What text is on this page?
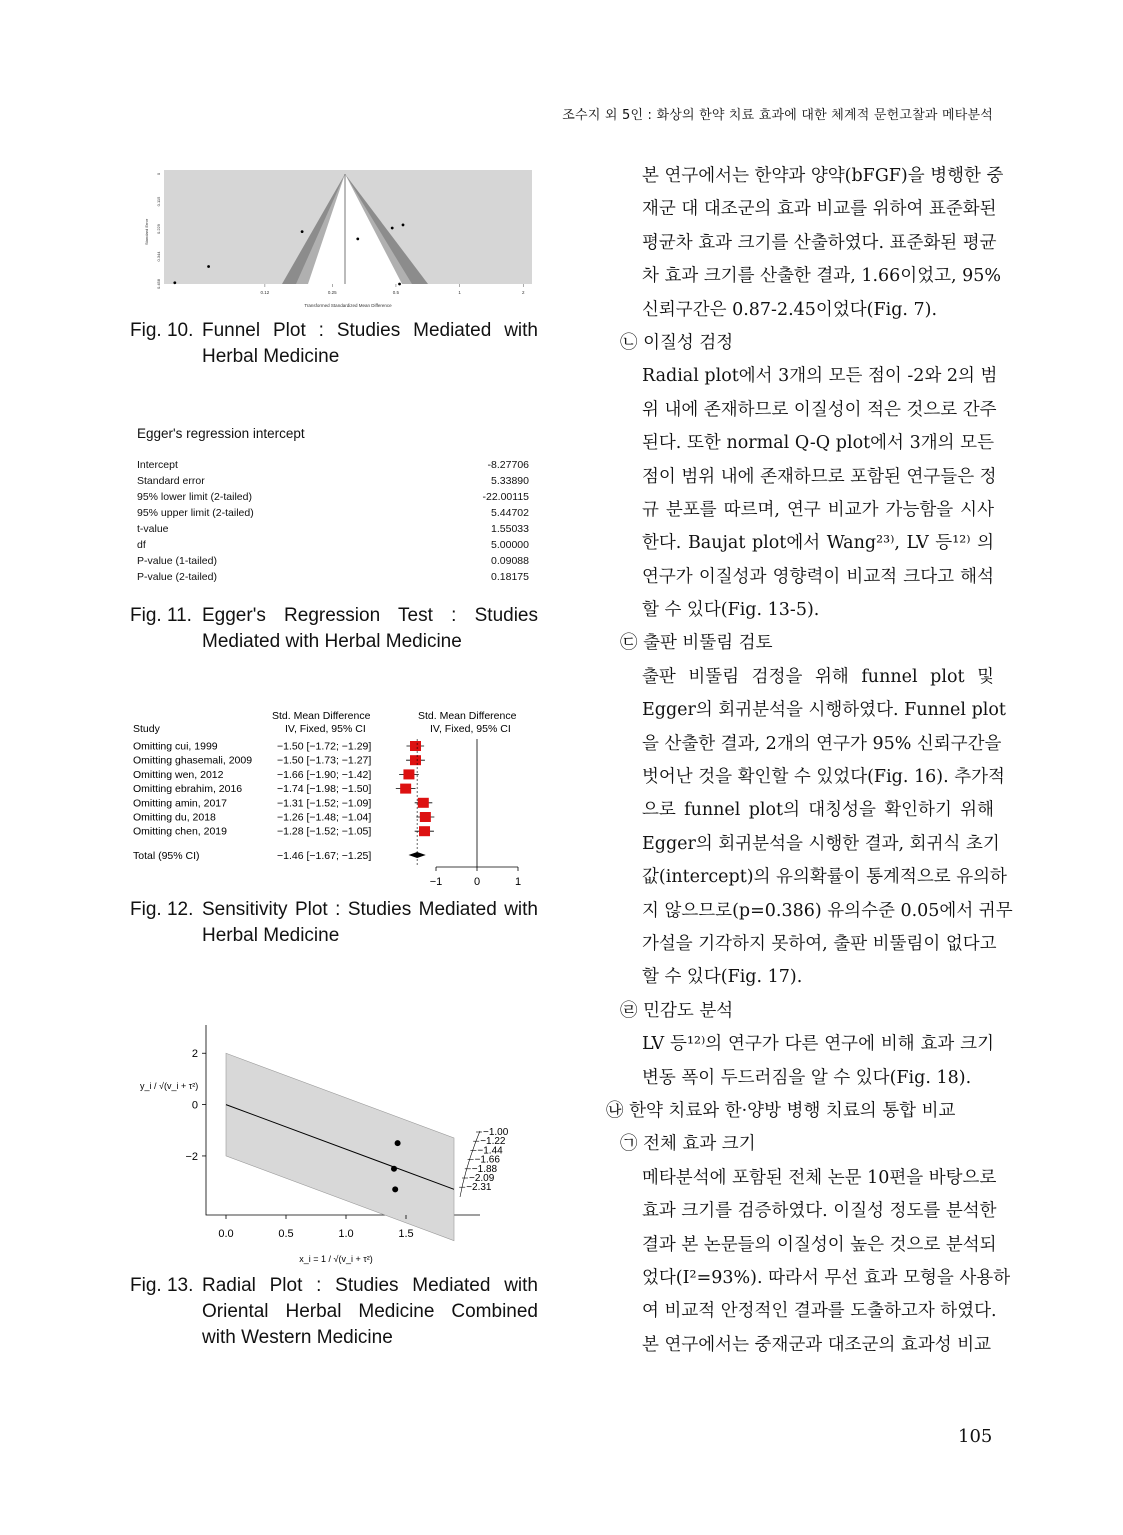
조수지 외 5인 : 화상의 한약 치료 효과에 대한 체계적 문헌고찰과 메타분석
0
0.115
0.229
0.344
0.458
0.12	0.25	0.5	1	2
Standard Error
Transformed Standardized Mean Difference
Fig. 10. Funnel Plot : Studies Mediated with Herbal Medicine
Egger's regression intercept
Intercept	-8.27706
Standard error	5.33890
95% lower limit (2-tailed)	-22.00115
95% upper limit (2-tailed)	5.44702
t-value	1.55033
df	5.00000
P-value (1-tailed)	0.09088
P-value (2-tailed)	0.18175
Fig. 11. Egger's Regression Test : Studies Mediated with Herbal Medicine
Std. Mean Difference
IV, Fixed, 95% CI
Std. Mean Difference
IV, Fixed, 95% CI
Study
Omitting cui, 1999	−1.50 [−1.72; −1.29]
Omitting ghasemali, 2009 −1.50 [−1.73; −1.27]
Omitting wen, 2012	−1.66 [−1.90; −1.42]
Omitting ebrahim, 2016	−1.74 [−1.98; −1.50]
Omitting amin, 2017	−1.31 [−1.52; −1.09]
Omitting du, 2018	−1.26 [−1.48; −1.04]
Omitting chen, 2019	−1.28 [−1.52; −1.05]
Total (95% CI)	−1.46 [−1.67; −1.25]
−1	0	1
Fig. 12. Sensitivity Plot : Studies Mediated with Herbal Medicine
2
0
−2
0.0	0.5	1.0	1.5
−1.00
−1.22
−1.44
−1.66
−1.88
−2.09
−2.31
y_i / √(v_i + τ²)
x_i = 1 / √(v_i + τ²)
Fig. 13. Radial Plot : Studies Mediated with Oriental Herbal Medicine Combined with Western Medicine
본 연구에서는 한약과 양약(bFGF)을 병행한 중
재군 대 대조군의 효과 비교를 위하여 표준화된
평균차 효과 크기를 산출하였다. 표준화된 평균
차 효과 크기를 산출한 결과, 1.66이었고, 95%
신뢰구간은 0.87-2.45이었다(Fig. 7).
㉡ 이질성 검정
Radial plot에서 3개의 모든 점이 -2와 2의 범
위 내에 존재하므로 이질성이 적은 것으로 간주
된다. 또한 normal Q-Q plot에서 3개의 모든
점이 범위 내에 존재하므로 포함된 연구들은 정
규 분포를 따르며, 연구 비교가 가능함을 시사
한다. Baujat plot에서 Wang²³⁾, LV 등¹²⁾ 의
연구가 이질성과 영향력이 비교적 크다고 해석
할 수 있다(Fig. 13-5).
㉢ 출판 비뚤림 검토
출판 비뚤림 검정을 위해 funnel plot 및
Egger의 회귀분석을 시행하였다. Funnel plot
을 산출한 결과, 2개의 연구가 95% 신뢰구간을
벗어난 것을 확인할 수 있었다(Fig. 16). 추가적
으로 funnel plot의 대칭성을 확인하기 위해
Egger의 회귀분석을 시행한 결과, 회귀식 초기
값(intercept)의 유의확률이 통계적으로 유의하
지 않으므로(p=0.386) 유의수준 0.05에서 귀무
가설을 기각하지 못하여, 출판 비뚤림이 없다고
할 수 있다(Fig. 17).
㉣ 민감도 분석
LV 등¹²⁾의 연구가 다른 연구에 비해 효과 크기
변동 폭이 두드러짐을 알 수 있다(Fig. 18).
㉯ 한약 치료와 한·양방 병행 치료의 통합 비교
㉠ 전체 효과 크기
메타분석에 포함된 전체 논문 10편을 바탕으로
효과 크기를 검증하였다. 이질성 정도를 분석한
결과 본 논문들의 이질성이 높은 것으로 분석되
었다(I²=93%). 따라서 무선 효과 모형을 사용하
여 비교적 안정적인 결과를 도출하고자 하였다.
본 연구에서는 중재군과 대조군의 효과성 비교
105
